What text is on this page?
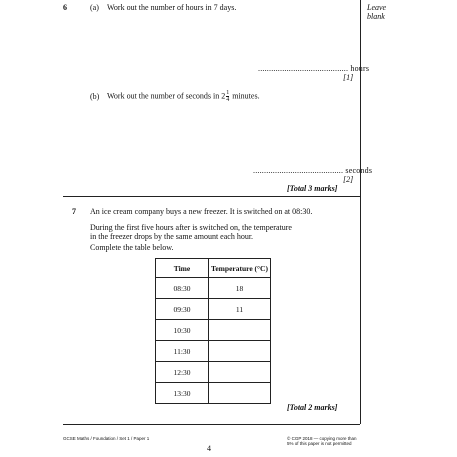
Leave
blank
6	(a) Work out the number of hours in 7 days.
......................................... hours
[1]
(b) Work out the number of seconds in $2\frac{1}{4}$ minutes.
......................................... seconds
[2]
[Total 3 marks]
7 An ice cream company buys a new freezer. It is switched on at 08:30.
During the first five hours after is switched on, the temperature
in the freezer drops by the same amount each hour.
Complete the table below.
Time	Temperature (°C)
08:30	18
09:30	11
10:30	
11:30	
12:30	
13:30	
[Total 2 marks]
GCSE Maths / Foundation / Set 1 / Paper 1
4
© CGP 2018 — copying more than
5% of this paper is not permitted
